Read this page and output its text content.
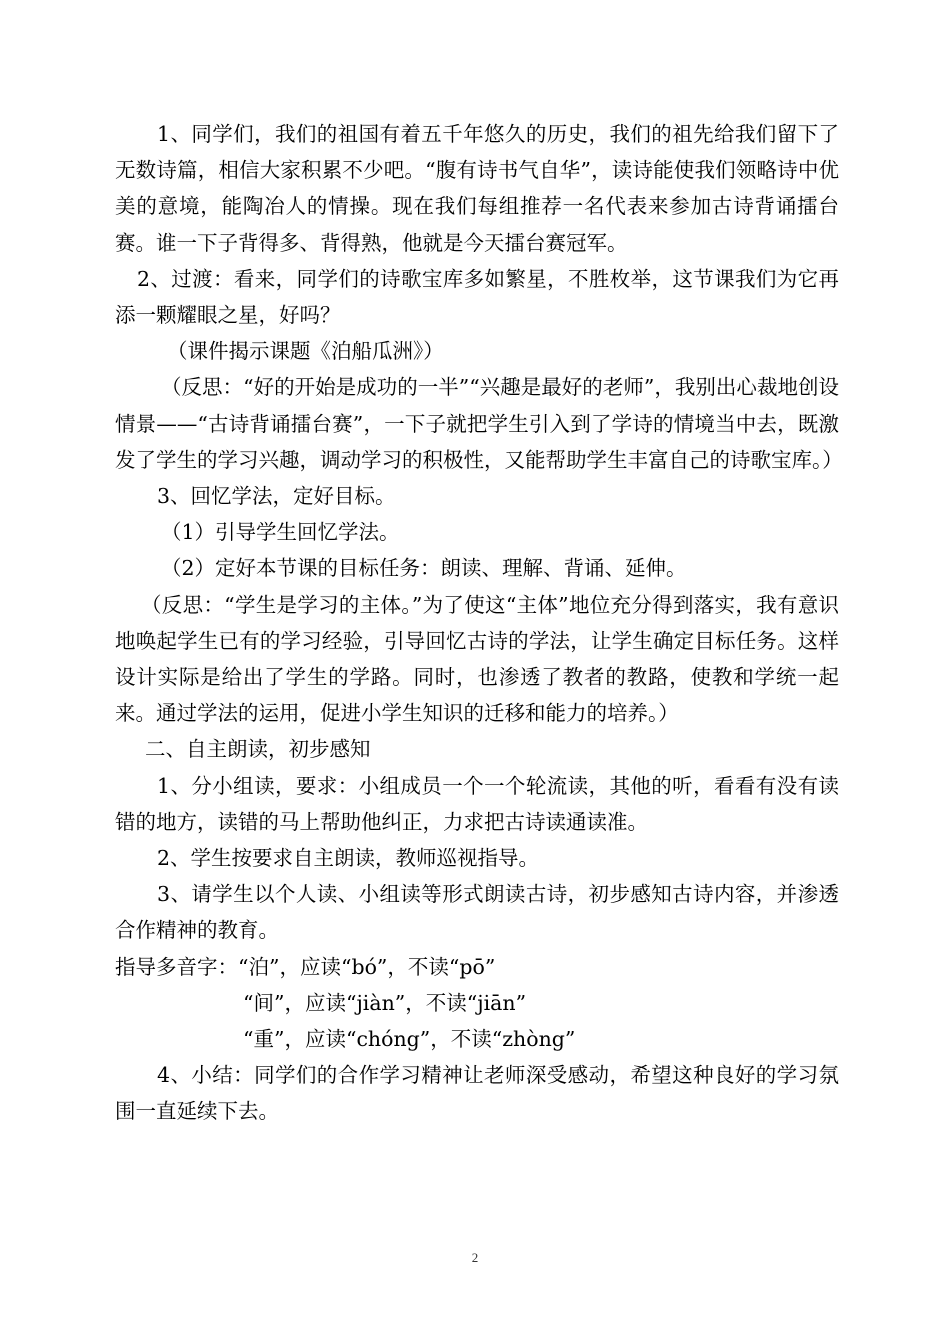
1、同学们，我们的祖国有着五千年悠久的历史，我们的祖先给我们留下了无数诗篇，相信大家积累不少吧。“腹有诗书气自华”，读诗能使我们领略诗中优美的意境，能陶冶人的情操。现在我们每组推荐一名代表来参加古诗背诵擂台赛。谁一下子背得多、背得熟，他就是今天擂台赛冠军。

2、过渡：看来，同学们的诗歌宝库多如繁星，不胜枚举，这节课我们为它再添一颗耀眼之星，好吗？

（课件揭示课题《泊船瓜洲》）

（反思：“好的开始是成功的一半”“兴趣是最好的老师”，我别出心裁地创设情景——“古诗背诵擂台赛”，一下子就把学生引入到了学诗的情境当中去，既激发了学生的学习兴趣，调动学习的积极性，又能帮助学生丰富自己的诗歌宝库。）

3、回忆学法，定好目标。

（1）引导学生回忆学法。

（2）定好本节课的目标任务：朗读、理解、背诵、延伸。

（反思：“学生是学习的主体。”为了使这“主体”地位充分得到落实，我有意识地唤起学生已有的学习经验，引导回忆古诗的学法，让学生确定目标任务。这样设计实际是给出了学生的学路。同时，也渗透了教者的教路，使教和学统一起来。通过学法的运用，促进小学生知识的迁移和能力的培养。）

二、自主朗读，初步感知

1、分小组读，要求：小组成员一个一个轮流读，其他的听，看看有没有读错的地方，读错的马上帮助他纠正，力求把古诗读通读准。

2、学生按要求自主朗读，教师巡视指导。

3、请学生以个人读、小组读等形式朗读古诗，初步感知古诗内容，并渗透合作精神的教育。

指导多音字：“泊”，应读“bó”，不读“pō”

“间”，应读“jiàn”，不读“jiān”

“重”，应读“chóng”，不读“zhòng”

4、小结：同学们的合作学习精神让老师深受感动，希望这种良好的学习氛围一直延续下去。

2
